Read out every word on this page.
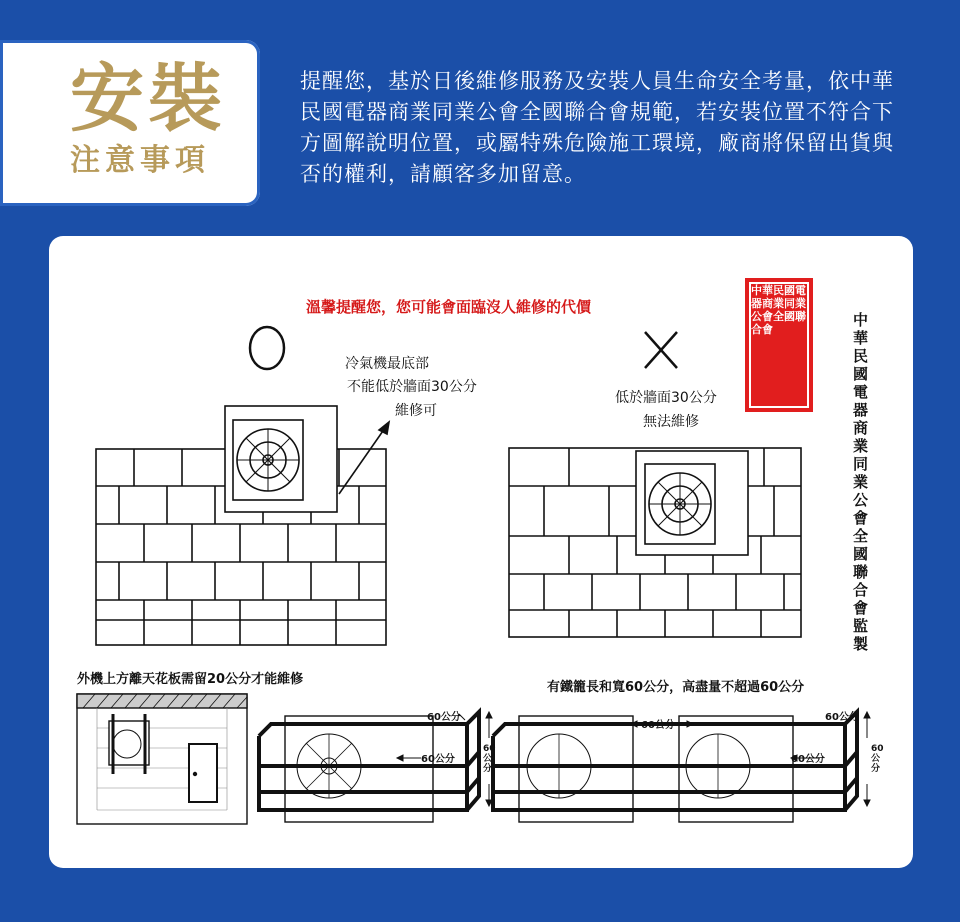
安裝
注意事項
提醒您，基於日後維修服務及安裝人員生命安全考量，依中華民國電器商業同業公會全國聯合會規範，若安裝位置不符合下方圖解說明位置，或屬特殊危險施工環境，廠商將保留出貨與否的權利，請顧客多加留意。
溫馨提醒您，您可能會面臨沒人維修的代價
冷氣機最底部
不能低於牆面30公分
維修可
低於牆面30公分
無法維修
外機上方離天花板需留20公分才能維修
有鐵籠長和寬60公分，高盡量不超過60公分
中華民國電器商業同業公會全國聯合會	中華民國電器商業同業公會全國聯合會監製
60公分
60公分
60公分
60公分
60公分
60公分
60公分
